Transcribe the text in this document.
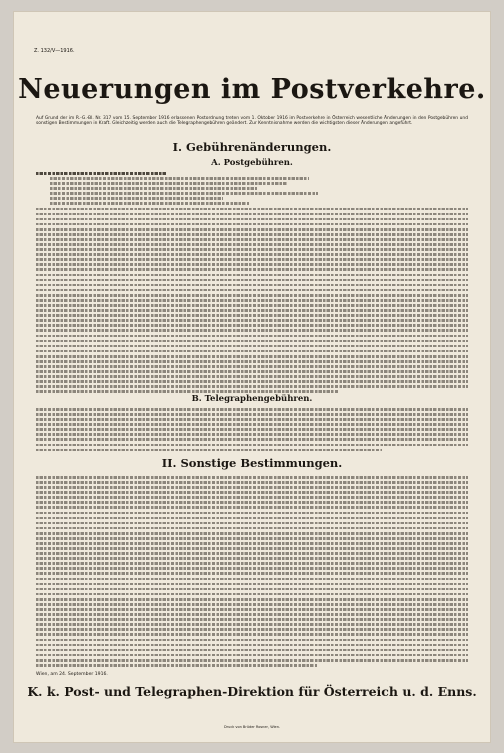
Z. 132/V—1916.
Neuerungen im Postverkehre.
Auf Grund der im R.-G.-Bl. Nr. 317 vom 15. September 1916 erlassenen Postordnung treten vom 1. Oktober 1916 im Postverkehre in Österreich wesentliche Änderungen in den Postgebühren und sonstigen Bestimmungen in Kraft. Gleichzeitig werden auch die Telegraphengebühren geändert. Zur Kenntnisnahme werden die wichtigsten dieser Änderungen angeführt.
I. Gebührenänderungen.
A. Postgebühren.
B. Telegraphengebühren.
II. Sonstige Bestimmungen.
Wien, am 24. September 1916.
K. k. Post- und Telegraphen-Direktion für Österreich u. d. Enns.
Druck von Brüder Rosner, Wien.
